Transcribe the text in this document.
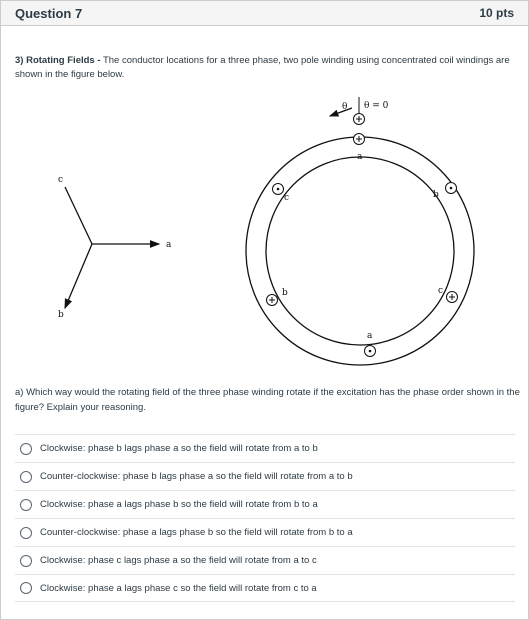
Question 7	10 pts
3) Rotating Fields - The conductor locations for a three phase, two pole winding using concentrated coil windings are shown in the figure below.
a
b
c
θ θ = 0
a
c	b
b	c
a
a) Which way would the rotating field of the three phase winding rotate if the excitation has the phase order shown in the figure? Explain your reasoning.
Clockwise: phase b lags phase a so the field will rotate from a to b
Counter-clockwise: phase b lags phase a so the field will rotate from a to b
Clockwise: phase a lags phase b so the field will rotate from b to a
Counter-clockwise: phase a lags phase b so the field will rotate from b to a
Clockwise: phase c lags phase a so the field will rotate from a to c
Clockwise: phase a lags phase c so the field will rotate from c to a
